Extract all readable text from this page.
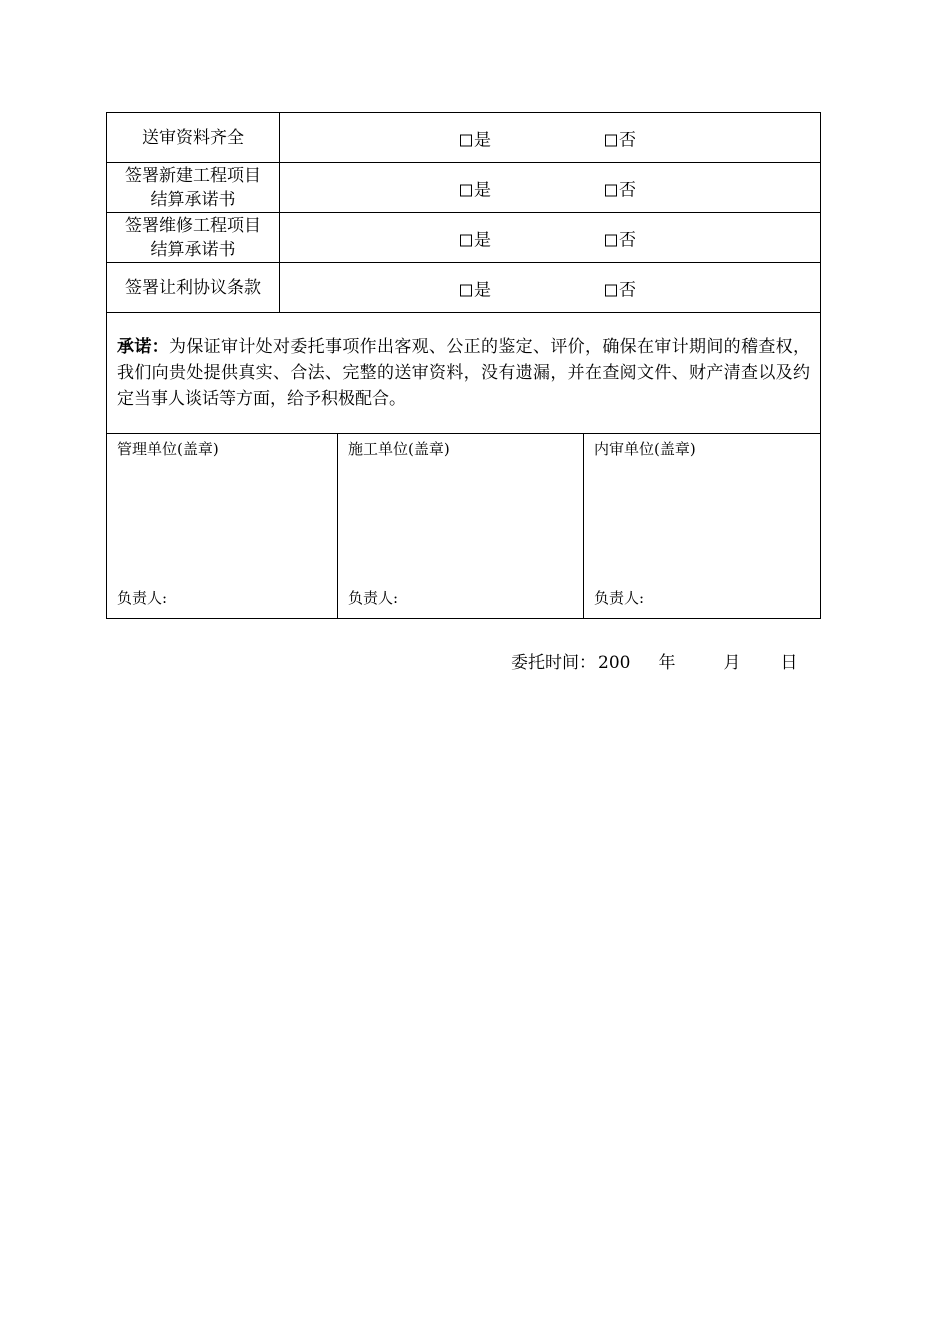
送审资料齐全	是	否

签署新建工程项目
结算承诺书	是	否

签署维修工程项目
结算承诺书	是	否

签署让利协议条款	是	否

承诺：为保证审计处对委托事项作出客观、公正的鉴定、评价，确保在审计期间的稽查权，我们向贵处提供真实、合法、完整的送审资料，没有遗漏，并在查阅文件、财产清查以及约定当事人谈话等方面，给予积极配合。

管理单位(盖章)
负责人:

施工单位(盖章)
负责人:

内审单位(盖章)
负责人:
委托时间： 200 年	月 日
